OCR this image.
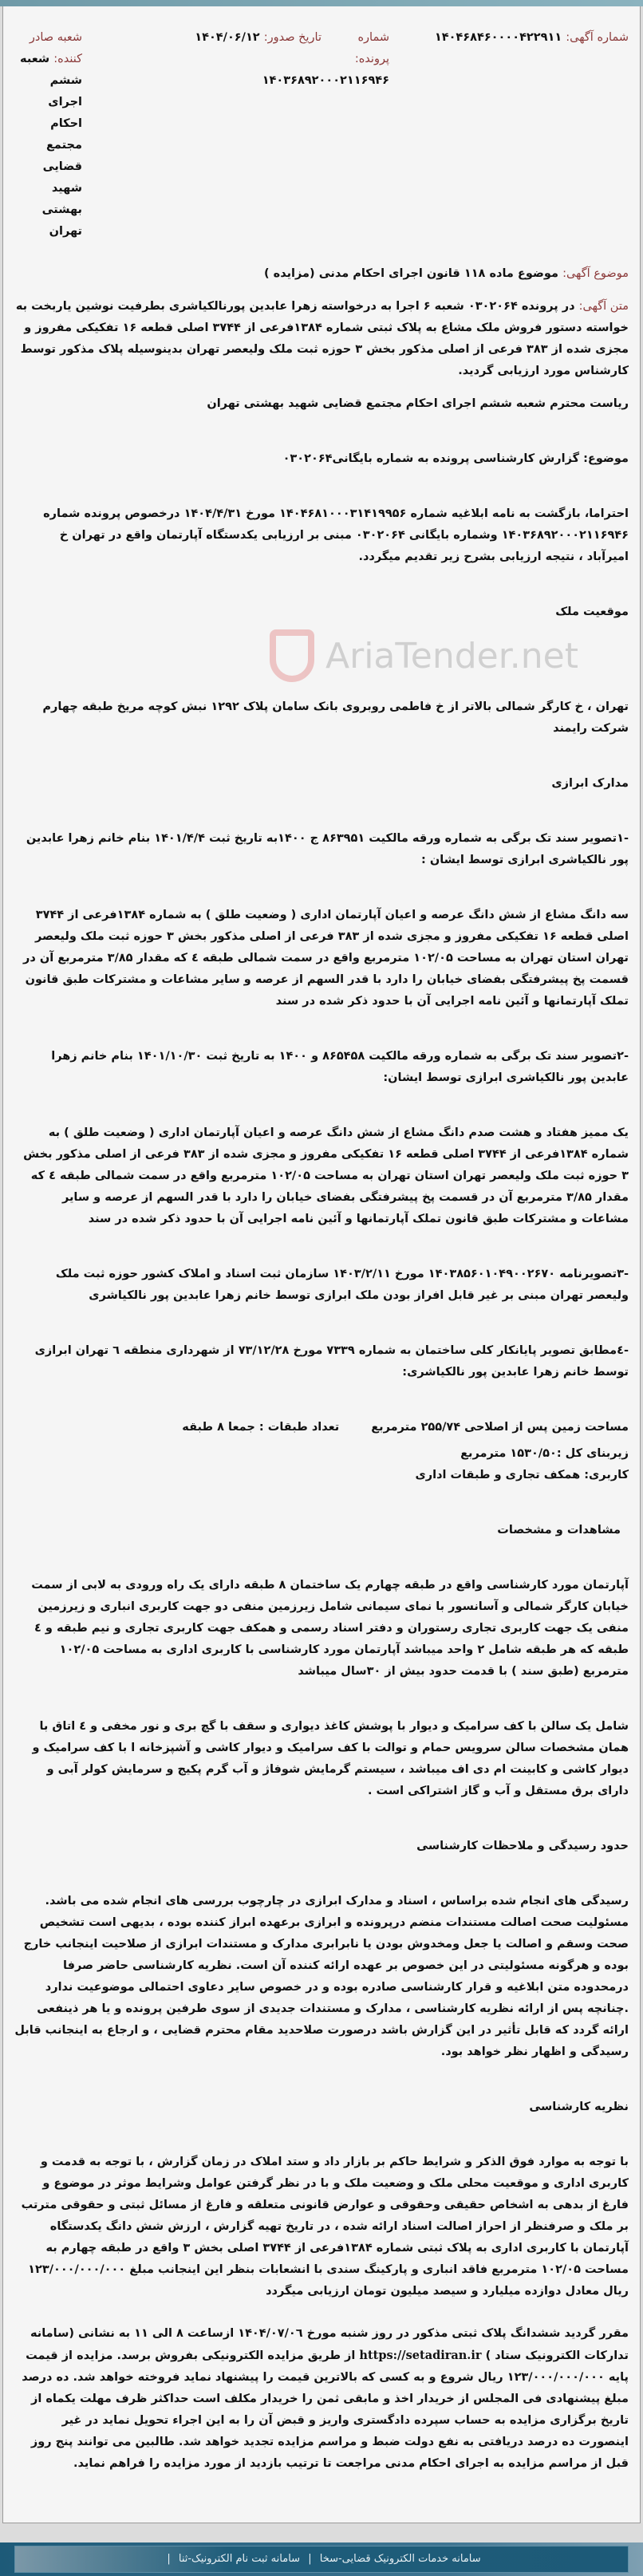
شماره آگهی: ۱۴۰۴۶۸۴۶۰۰۰۰۴۲۲۹۱۱
شماره پرونده: ۱۴۰۳۶۸۹۲۰۰۰۲۱۱۶۹۴۶
تاریخ صدور: ۱۴۰۴/۰۶/۱۲
شعبه صادر کننده: شعبه ششم اجرای احکام مجتمع قضایی شهید بهشتی تهران
موضوع آگهی: موضوع ماده ۱۱۸ قانون اجرای احکام مدنی (مزایده )
متن آگهی: در پرونده ۰۳۰۲۰۶۴ شعبه ۶ اجرا به درخواسته زهرا عابدین پورنالکیاشری بطرفیت نوشین یاربخت به خواسته دستور فروش ملک مشاع به پلاک ثبتی شماره ۱۳۸۴فرعی از ۳۷۴۴ اصلی قطعه ۱۶ تفکیکی مفروز و مجزی شده از ۳۸۳ فرعی از اصلی مذکور بخش ۳ حوزه ثبت ملک ولیعصر تهران بدینوسیله پلاک مذکور توسط کارشناس مورد ارزیابی گردید.
ریاست محترم شعبه ششم اجرای احکام مجتمع قضایی شهید بهشتی تهران
موضوع: گزارش کارشناسی پرونده به شماره بایگانی۰۳۰۲۰۶۴
احتراما، بازگشت به نامه ابلاغیه شماره ۱۴۰۴۶۸۱۰۰۰۳۱۴۱۹۹۵۶ مورخ ۱۴۰۴/۴/۳۱ درخصوص پرونده شماره ۱۴۰۳۶۸۹۲۰۰۰۲۱۱۶۹۴۶ وشماره بایگانی ۰۳۰۲۰۶۴ مبنی بر ارزیابی یکدستگاه آپارتمان واقع در تهران خ امیرآباد ، نتیجه ارزیابی بشرح زیر تقدیم میگردد.
موقعیت ملک
AriaTender.net
تهران ، خ کارگر شمالی بالاتر از خ فاطمی روبروی بانک سامان پلاک ۱۲۹۲ نبش کوچه مریخ طبقه چهارم شرکت رایمند
مدارک ابرازی
-۱تصویر سند تک برگی به شماره ورقه مالکیت ۸۶۳۹۵۱ ج ۱۴۰۰به تاریخ ثبت ۱۴۰۱/۴/۴ بنام خانم زهرا عابدین پور نالکیاشری ابرازی توسط ایشان :
سه دانگ مشاع از شش دانگ عرصه و اعیان آپارتمان اداری ( وضعیت طلق ) به شماره ۱۳۸۴فرعی از ۳۷۴۴ اصلی قطعه ۱۶ تفکیکی مفروز و مجزی شده از ۳۸۳ فرعی از اصلی مذکور بخش ۳ حوزه ثبت ملک ولیعصر تهران استان تهران به مساحت ۱۰۲/۰۵ مترمربع واقع در سمت شمالی طبقه ٤ که مقدار ۳/۸۵ مترمربع آن در قسمت پخ پیشرفتگی بفضای خیابان را دارد با قدر السهم از عرصه و سایر مشاعات و مشترکات طبق قانون تملک آپارتمانها و آئین نامه اجرایی آن با حدود ذکر شده در سند
-۲تصویر سند تک برگی به شماره ورقه مالکیت ۸۶۵۴۵۸ و ۱۴۰۰ به تاریخ ثبت ۱۴۰۱/۱۰/۳۰ بنام خانم زهرا عابدین پور نالکیاشری ابرازی توسط ایشان:
یک ممیز هفتاد و هشت صدم دانگ مشاع از شش دانگ عرصه و اعیان آپارتمان اداری ( وضعیت طلق ) به شماره ۱۳۸۴فرعی از ۳۷۴۴ اصلی قطعه ۱۶ تفکیکی مفروز و مجزی شده از ۳۸۳ فرعی از اصلی مذکور بخش ۳ حوزه ثبت ملک ولیعصر تهران استان تهران به مساحت ۱۰۲/۰۵ مترمربع واقع در سمت شمالی طبقه ٤ که مقدار ۳/۸۵ مترمربع آن در قسمت پخ پیشرفتگی بفضای خیابان را دارد با قدر السهم از عرصه و سایر مشاعات و مشترکات طبق قانون تملک آپارتمانها و آئین نامه اجرایی آن با حدود ذکر شده در سند
-۳تصویرنامه ۱۴۰۳۸۵۶۰۱۰۴۹۰۰۲۶۷۰ مورخ ۱۴۰۳/۲/۱۱ سازمان ثبت اسناد و املاک کشور حوزه ثبت ملک ولیعصر تهران مبنی بر غیر قابل افراز بودن ملک ابرازی توسط خانم زهرا عابدین پور نالکیاشری
-٤مطابق تصویر پایانکار کلی ساختمان به شماره ۷۳۳۹ مورخ ۷۳/۱۲/۲۸ از شهرداری منطقه ٦ تهران ابرازی توسط خانم زهرا عابدین پور نالکیاشری:
مساحت زمین پس از اصلاحی ۲۵۵/۷۴ مترمربع
تعداد طبقات : جمعا ۸ طبقه
زیربنای کل :۱۵۳۰/۵۰ مترمربع
کاربری: همکف تجاری و طبقات اداری
مشاهدات و مشخصات
آپارتمان مورد کارشناسی واقع در طبقه چهارم یک ساختمان ۸ طبقه دارای یک راه ورودی به لابی از سمت خیابان کارگر شمالی و آسانسور با نمای سیمانی شامل زیرزمین منفی دو جهت کاربری انباری و زیرزمین منفی یک جهت کاربری تجاری رستوران و دفتر اسناد رسمی و همکف جهت کاربری تجاری و نیم طبقه و ٤ طبقه که هر طبقه شامل ۲ واحد میباشد آپارتمان مورد کارشناسی با کاربری اداری به مساحت ۱۰۲/۰۵ مترمربع (طبق سند ) با قدمت حدود بیش از ۳۰سال میباشد
شامل یک سالن با کف سرامیک و دیوار با پوشش کاغذ دیواری و سقف با گچ بری و نور مخفی و ٤ اتاق با همان مشخصات سالن سرویس حمام و توالت با کف سرامیک و دیوار کاشی و آشپزخانه ا با کف سرامیک و دیوار کاشی و کابینت ام دی اف میباشد ، سیستم گرمایش شوفاژ و آب گرم پکیج و سرمایش کولر آبی و دارای برق مستقل و آب و گاز اشتراکی است .
حدود رسیدگی و ملاحظات کارشناسی
رسیدگی های انجام شده براساس ، اسناد و مدارک ابرازی در چارچوب بررسی های انجام شده می باشد. مسئولیت صحت اصالت مستندات منضم درپرونده و ابرازی برعهده ابراز کننده بوده ، بدیهی است تشخیص صحت وسقم و اصالت یا جعل ومخدوش بودن یا نابرابری مدارک و مستندات ابرازی از صلاحیت اینجانب خارج بوده و هرگونه مسئولیتی در این خصوص بر عهده ارائه کننده آن است. نظریه کارشناسی حاضر صرفا درمحدوده متن ابلاغیه و قرار کارشناسی صادره بوده و در خصوص سایر دعاوی احتمالی موضوعیت ندارد .چنانچه پس از ارائه نظریه کارشناسی ، مدارک و مستندات جدیدی از سوی طرفین پرونده و یا هر ذینفعی ارائه گردد که قابل تأثیر در این گزارش باشد درصورت صلاحدید مقام محترم قضایی ، و ارجاع به اینجانب قابل رسیدگی و اظهار نظر خواهد بود.
نظریه کارشناسی
با توجه به موارد فوق الذکر و شرایط حاکم بر بازار داد و ستد املاک در زمان گزارش ، با توجه به قدمت و کاربری اداری و موقعیت محلی ملک و وضعیت ملک و با در نظر گرفتن عوامل وشرایط موثر در موضوع و فارغ از بدهی به اشخاص حقیقی وحقوقی و عوارض قانونی متعلقه و فارغ از مسائل ثبتی و حقوقی مترتب بر ملک و صرفنظر از احراز اصالت اسناد ارائه شده ، در تاریخ تهیه گزارش ، ارزش شش دانگ یکدستگاه آپارتمان با کاربری اداری به پلاک ثبتی شماره ۱۳۸۴فرعی از ۳۷۴۴ اصلی بخش ۳ واقع در طبقه چهارم به مساحت ۱۰۲/۰۵ مترمربع فاقد انباری و پارکینگ سندی با انشعابات بنظر این اینجانب مبلغ ۱۲۳/۰۰۰/۰۰۰/۰۰۰ ریال معادل دوازده میلیارد و سیصد میلیون تومان ارزیابی میگردد
مقرر گردید ششدانگ پلاک ثبتی مذکور در روز شنبه مورخ ۱۴۰۴/۰۷/۰٦ ازساعت ۸ الی ۱۱ به نشانی (سامانه تدارکات الکترونیک ستاد ) https://setadiran.ir از طریق مزایده الکترونیکی بفروش برسد. مزایده از قیمت پایه ۱۲۳/۰۰۰/۰۰۰/۰۰۰ ریال شروع و به کسی که بالاترین قیمت را پیشنهاد نماید فروخته خواهد شد. ده درصد مبلغ پیشنهادی فی المجلس از خریدار اخذ و مابقی ثمن را خریدار مکلف است حداکثر ظرف مهلت یکماه از تاریخ برگزاری مزایده به حساب سپرده دادگستری واریز و قبض آن را به این اجراء تحویل نماید در غیر اینصورت ده درصد دریافتی به نفع دولت ضبط و مراسم مزایده تجدید خواهد شد. طالبین می توانند پنج روز قبل از مراسم مزایده به اجرای احکام مدنی مراجعت تا ترتیب بازدید از مورد مزایده را فراهم نماید.
سامانه خدمات الکترونیک قضایی-سخا | سامانه ثبت نام الکترونیک-ثنا |
